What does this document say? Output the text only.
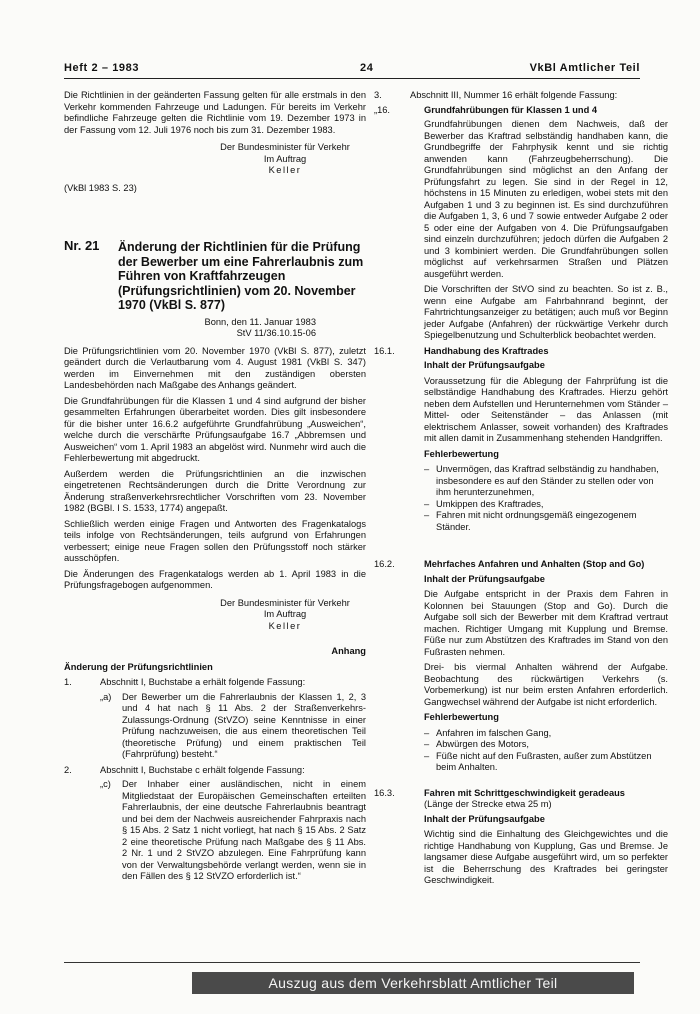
Heft 2 – 1983	24	VkBl Amtlicher Teil

Die Richtlinien in der geänderten Fassung gelten für alle erstmals in den Verkehr kommenden Fahrzeuge und Ladungen. Für bereits im Verkehr befindliche Fahrzeuge gelten die Richtlinie vom 19. Dezember 1973 in der Fassung vom 12. Juli 1976 noch bis zum 31. Dezember 1983.

Der Bundesminister für Verkehr

Im Auftrag

Keller

(VkBl 1983 S. 23)

Nr. 21	Änderung der Richtlinien für die Prüfung der Bewerber um eine Fahrerlaubnis zum Führen von Kraftfahrzeugen (Prüfungsrichtlinien) vom 20. November 1970 (VkBl S. 877)
Bonn, den 11. Januar 1983
StV 11/36.10.15-06

Die Prüfungsrichtlinien vom 20. November 1970 (VkBl S. 877), zuletzt geändert durch die Verlautbarung vom 4. August 1981 (VkBl S. 347) werden im Einvernehmen mit den zuständigen obersten Landesbehörden nach Maßgabe des Anhangs geändert.

Die Grundfahrübungen für die Klassen 1 und 4 sind aufgrund der bisher gesammelten Erfahrungen überarbeitet worden. Dies gilt insbesondere für die bisher unter 16.6.2 aufgeführte Grundfahrübung „Ausweichen“, welche durch die verschärfte Prüfungsaufgabe 16.7 „Abbremsen und Ausweichen“ vom 1. April 1983 an abgelöst wird. Nunmehr wird auch die Fehlerbewertung mit abgedruckt.

Außerdem werden die Prüfungsrichtlinien an die inzwischen eingetretenen Rechtsänderungen durch die Dritte Verordnung zur Änderung straßenverkehrsrechtlicher Vorschriften vom 23. November 1982 (BGBl. I S. 1533, 1774) angepaßt.

Schließlich werden einige Fragen und Antworten des Fragenkatalogs teils infolge von Rechtsänderungen, teils aufgrund von Erfahrungen verbessert; einige neue Fragen sollen den Prüfungsstoff noch stärker ausschöpfen.

Die Änderungen des Fragenkatalogs werden ab 1. April 1983 in die Prüfungsfragebogen aufgenommen.

Der Bundesminister für Verkehr

Im Auftrag

Keller

Anhang

Änderung der Prüfungsrichtlinien

1.	Abschnitt I, Buchstabe a erhält folgende Fassung:
„a)	Der Bewerber um die Fahrerlaubnis der Klassen 1, 2, 3 und 4 hat nach § 11 Abs. 2 der Straßenverkehrs-Zulassungs-Ordnung (StVZO) seine Kenntnisse in einer Prüfung nachzuweisen, die aus einem theoretischen Teil (theoretische Prüfung) und einem praktischen Teil (Fahrprüfung) besteht.“
2.	Abschnitt I, Buchstabe c erhält folgende Fassung:
„c)	Der Inhaber einer ausländischen, nicht in einem Mitgliedstaat der Europäischen Gemeinschaften erteilten Fahrerlaubnis, der eine deutsche Fahrerlaubnis beantragt und bei dem der Nachweis ausreichender Fahrpraxis nach § 15 Abs. 2 Satz 1 nicht vorliegt, hat nach § 15 Abs. 2 Satz 2 eine theoretische Prüfung nach Maßgabe des § 11 Abs. 2 Nr. 1 und 2 StVZO abzulegen. Eine Fahrprüfung kann von der Verwaltungsbehörde verlangt werden, wenn sie in den Fällen des § 12 StVZO erforderlich ist.“
3.	Abschnitt III, Nummer 16 erhält folgende Fassung:
„16.	Grundfahrübungen für Klassen 1 und 4

Grundfahrübungen dienen dem Nachweis, daß der Bewerber das Kraftrad selbständig handhaben kann, die Grundbegriffe der Fahrphysik kennt und sie richtig anwenden kann (Fahrzeugbeherrschung). Die Grundfahrübungen sind möglichst an den Anfang der Prüfungsfahrt zu legen. Sie sind in der Regel in 12, höchstens in 15 Minuten zu erledigen, wobei stets mit den Aufgaben 1 und 3 zu beginnen ist. Es sind durchzuführen die Aufgaben 1, 3, 6 und 7 sowie entweder Aufgabe 2 oder 5 oder eine der Aufgaben von 4. Die Prüfungsaufgaben sind einzeln durchzuführen; jedoch dürfen die Aufgaben 2 und 3 kombiniert werden. Die Grundfahrübungen sollen möglichst auf verkehrsarmen Straßen und Plätzen ausgeführt werden.

Die Vorschriften der StVO sind zu beachten. So ist z. B., wenn eine Aufgabe am Fahrbahnrand beginnt, der Fahrtrichtungsanzeiger zu betätigen; auch muß vor Beginn jeder Aufgabe (Anfahren) der rückwärtige Verkehr durch Spiegelbenutzung und Schulterblick beobachtet werden.

16.1.	Handhabung des Kraftrades

Inhalt der Prüfungsaufgabe

Voraussetzung für die Ablegung der Fahrprüfung ist die selbständige Handhabung des Kraftrades. Hierzu gehört neben dem Aufstellen und Herunternehmen vom Ständer – Mittel- oder Seitenständer – das Anlassen (mit elektrischem Anlasser, soweit vorhanden) des Kraftrades mit allen damit in Zusammenhang stehenden Handgriffen.

Fehlerbewertung

– Unvermögen, das Kraftrad selbständig zu handhaben, insbesondere es auf den Ständer zu stellen oder von ihm herunterzunehmen,
– Umkippen des Kraftrades,
– Fahren mit nicht ordnungsgemäß eingezogenem Ständer.
16.2.	Mehrfaches Anfahren und Anhalten (Stop and Go)

Inhalt der Prüfungsaufgabe

Die Aufgabe entspricht in der Praxis dem Fahren in Kolonnen bei Stauungen (Stop and Go). Durch die Aufgabe soll sich der Bewerber mit dem Kraftrad vertraut machen. Richtiger Umgang mit Kupplung und Bremse. Füße nur zum Abstützen des Kraftrades im Stand von den Fußrasten nehmen.

Drei- bis viermal Anhalten während der Aufgabe. Beobachtung des rückwärtigen Verkehrs (s. Vorbemerkung) ist nur beim ersten Anfahren erforderlich. Gangwechsel während der Aufgabe ist nicht erforderlich.

Fehlerbewertung

– Anfahren im falschen Gang,
– Abwürgen des Motors,
– Füße nicht auf den Fußrasten, außer zum Abstützen beim Anhalten.
16.3.	Fahren mit Schrittgeschwindigkeit geradeaus
(Länge der Strecke etwa 25 m)

Inhalt der Prüfungsaufgabe

Wichtig sind die Einhaltung des Gleichgewichtes und die richtige Handhabung von Kupplung, Gas und Bremse. Je langsamer diese Aufgabe ausgeführt wird, um so perfekter ist die Beherrschung des Kraftrades bei geringster Geschwindigkeit.

Auszug aus dem Verkehrsblatt Amtlicher Teil
